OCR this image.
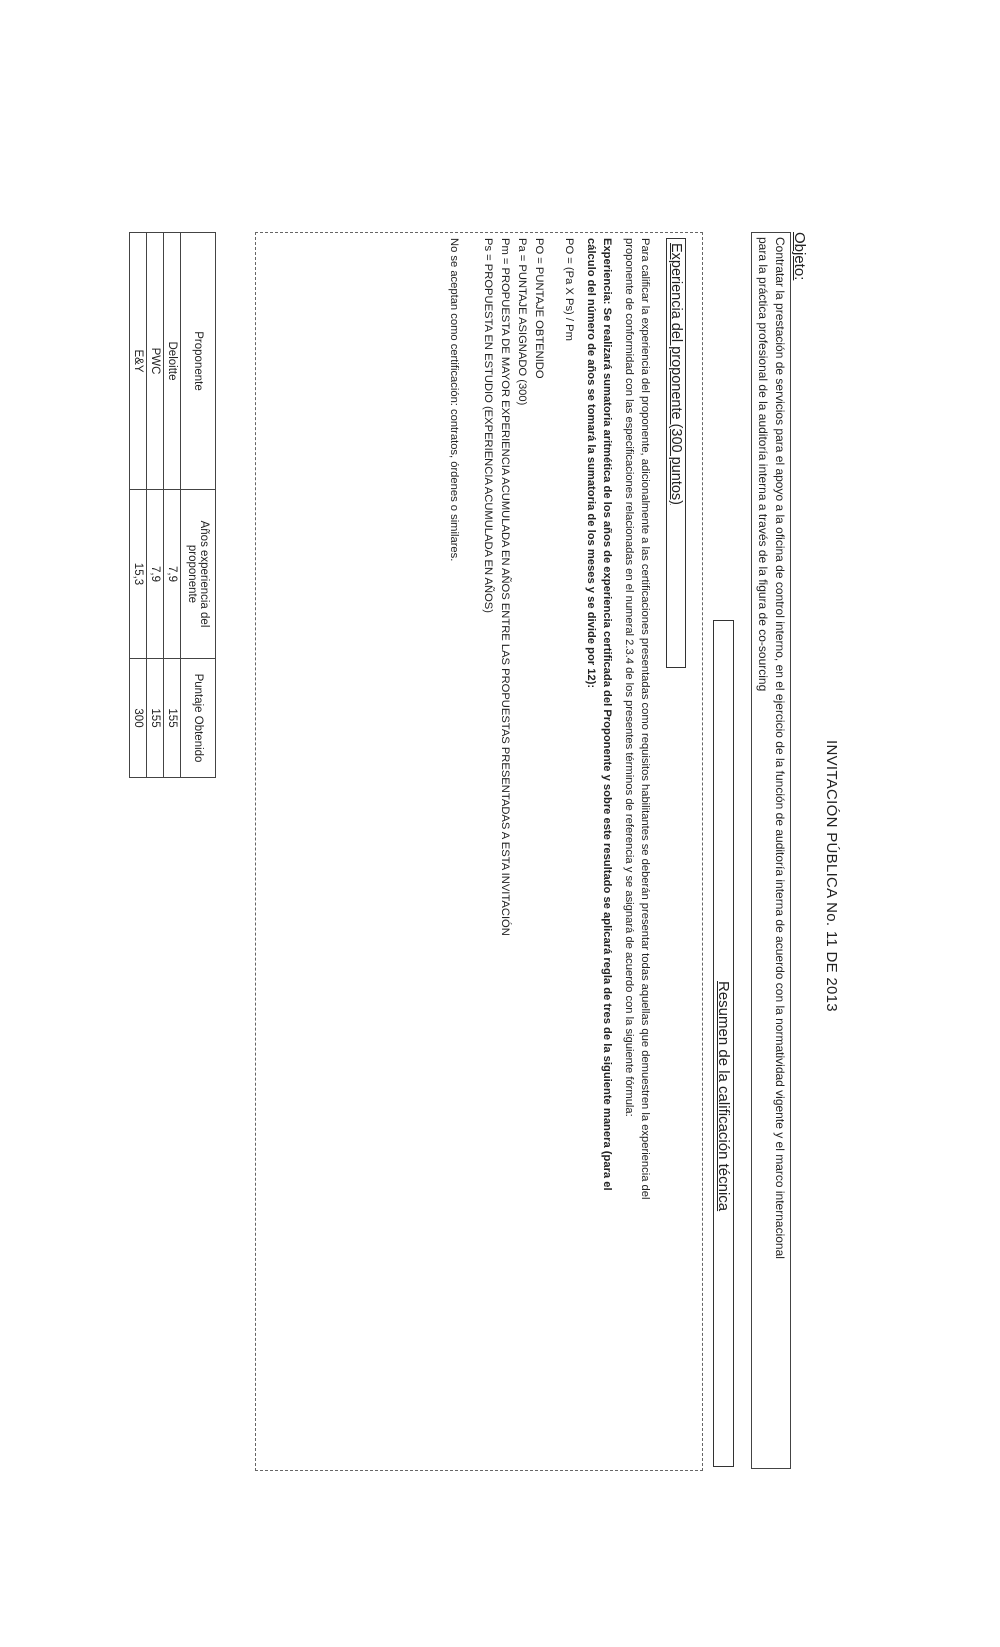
INVITACIÓN PÚBLICA No. 11 DE 2013
Objeto:
Contratar la prestación de servicios para el apoyo a la oficina de control interno, en el ejercicio de la función de auditoría interna de acuerdo con la normatividad vigente y el marco internacional
para la práctica profesional de la auditoría interna a través de la figura de co-sourcing
Resumen de la calificación técnica
Experiencia del proponente (300 puntos)
Para calificar la experiencia del proponente, adicionalmente a las certificaciones presentadas como requisitos habilitantes se deberán presentar todas aquellas que demuestren la experiencia del
proponente de conformidad con las especificaciones relacionadas en el numeral 2.3.4 de los presentes términos de referencia y se asignará de acuerdo con la siguiente fórmula:
Experiencia: Se realizará sumatoria aritmética de los años de experiencia certificada del Proponente y sobre este resultado se aplicará regla de tres de la siguiente manera (para el
cálculo del número de años se tomará la sumatoria de los meses y se divide por 12):
PO = (Pa X Ps) / Pm
PO = PUNTAJE OBTENIDO
Pa = PUNTAJE ASIGNADO (300)
Pm = PROPUESTA DE MAYOR EXPERIENCIA ACUMULADA EN AÑOS ENTRE LAS PROPUESTAS PRESENTADAS A ESTA INVITACIÓN
Ps = PROPUESTA EN ESTUDIO (EXPERIENCIA ACUMULADA EN AÑOS)
No se aceptan como certificación: contratos, órdenes o similares.
Proponente	Años experiencia del proponente	Puntaje Obtenido
Deloitte	7,9	155
PWC	7,9	155
E&Y	15,3	300
